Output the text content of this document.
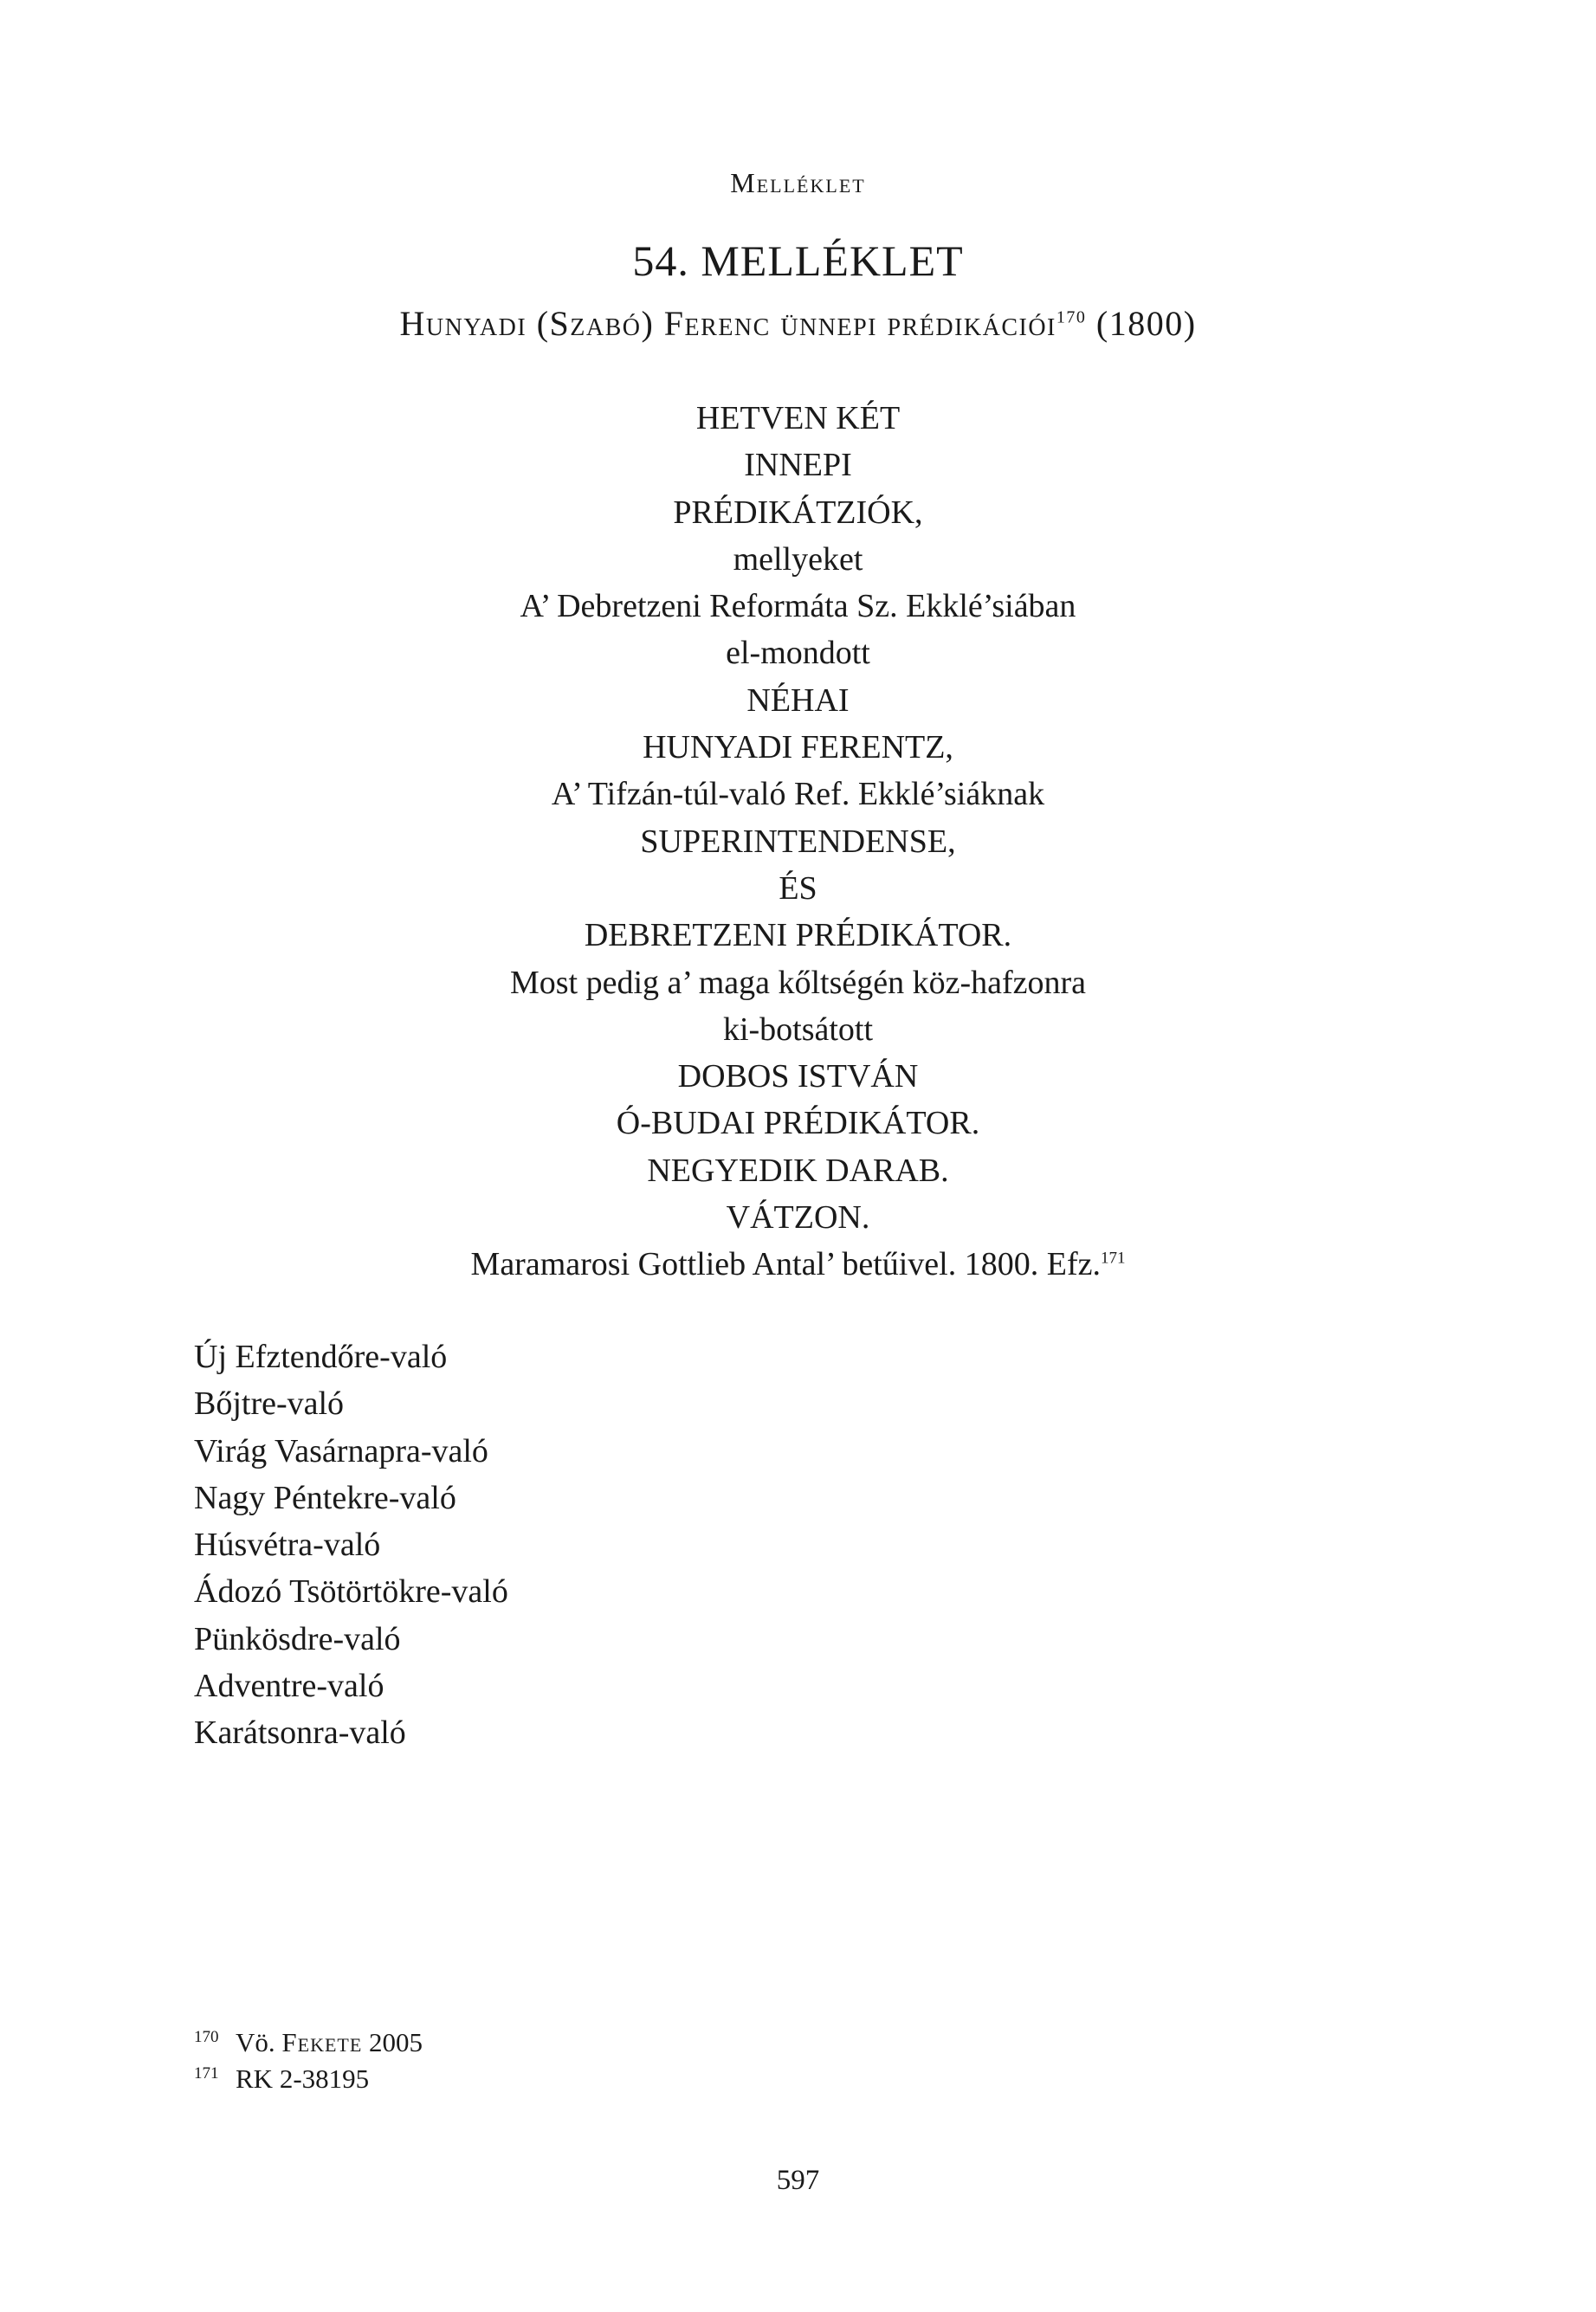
Melléklet
54. MELLÉKLET
Hunyadi (Szabó) Ferenc ünnepi prédikációi$^{170}$ (1800)
HETVEN KÉT
INNEPI
PRÉDIKÁTZIÓK,
mellyeket
A’ Debretzeni Reformáta Sz. Ekklé’siában
el-mondott
NÉHAI
HUNYADI FERENTZ,
A’ Tifzán-túl-való Ref. Ekklé’siáknak
SUPERINTENDENSE,
ÉS
DEBRETZENI PRÉDIKÁTOR.
Most pedig a’ maga kőltségén köz-hafzonra
ki-botsátott
DOBOS ISTVÁN
Ó-BUDAI PRÉDIKÁTOR.
NEGYEDIK DARAB.
VÁTZON.
Maramarosi Gottlieb Antal’ betűivel. 1800. Efz.$^{171}$
Új Efztendőre-való
Bőjtre-való
Virág Vasárnapra-való
Nagy Péntekre-való
Húsvétra-való
Ádozó Tsötörtökre-való
Pünkösdre-való
Adventre-való
Karátsonra-való
170 Vö. Fekete 2005
171 RK 2-38195
597
